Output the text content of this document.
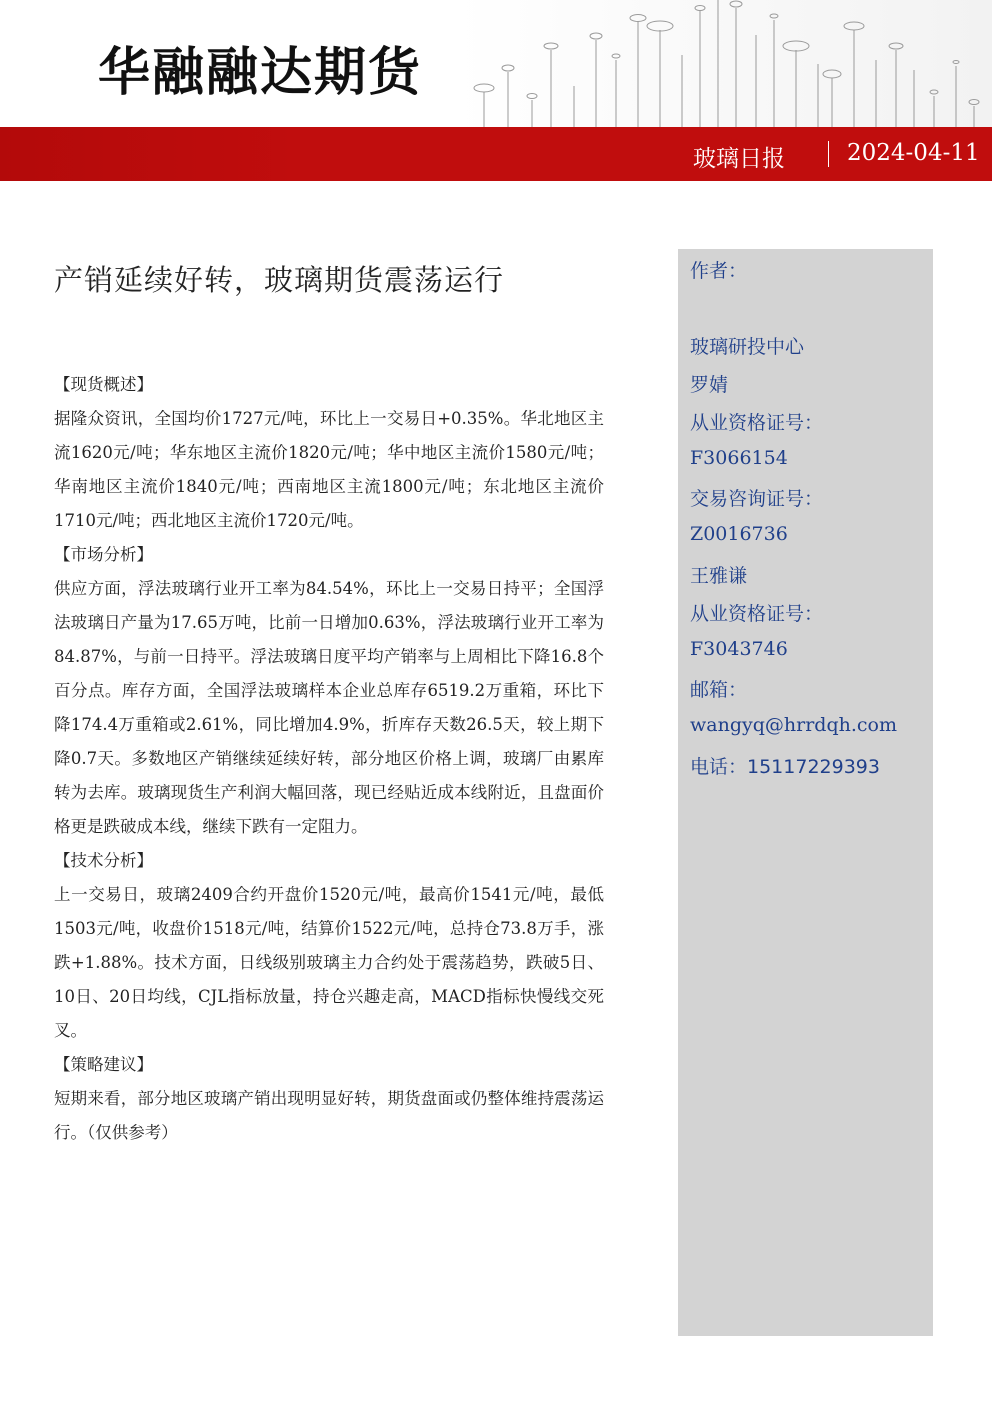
华融融达期货
玻璃日报	2024-04-11
产销延续好转，玻璃期货震荡运行
【现货概述】
据隆众资讯，全国均价1727元/吨，环比上一交易日+0.35%。华北地区主流1620元/吨；华东地区主流价1820元/吨；华中地区主流价1580元/吨；华南地区主流价1840元/吨；西南地区主流1800元/吨；东北地区主流价1710元/吨；西北地区主流价1720元/吨。
【市场分析】
供应方面，浮法玻璃行业开工率为84.54%，环比上一交易日持平；全国浮法玻璃日产量为17.65万吨，比前一日增加0.63%，浮法玻璃行业开工率为84.87%，与前一日持平。浮法玻璃日度平均产销率与上周相比下降16.8个百分点。库存方面，全国浮法玻璃样本企业总库存6519.2万重箱，环比下降174.4万重箱或2.61%，同比增加4.9%，折库存天数26.5天，较上期下降0.7天。多数地区产销继续延续好转，部分地区价格上调，玻璃厂由累库转为去库。玻璃现货生产利润大幅回落，现已经贴近成本线附近，且盘面价格更是跌破成本线，继续下跌有一定阻力。
【技术分析】
上一交易日，玻璃2409合约开盘价1520元/吨，最高价1541元/吨，最低1503元/吨，收盘价1518元/吨，结算价1522元/吨，总持仓73.8万手，涨跌+1.88%。技术方面，日线级别玻璃主力合约处于震荡趋势，跌破5日、10日、20日均线，CJL指标放量，持仓兴趣走高，MACD指标快慢线交死叉。
【策略建议】
短期来看，部分地区玻璃产销出现明显好转，期货盘面或仍整体维持震荡运行。（仅供参考）
作者：
玻璃研投中心
罗婧
从业资格证号：
F3066154
交易咨询证号：
Z0016736
王雅谦
从业资格证号：
F3043746
邮箱：
wangyq@hrrdqh.com
电话：15117229393
